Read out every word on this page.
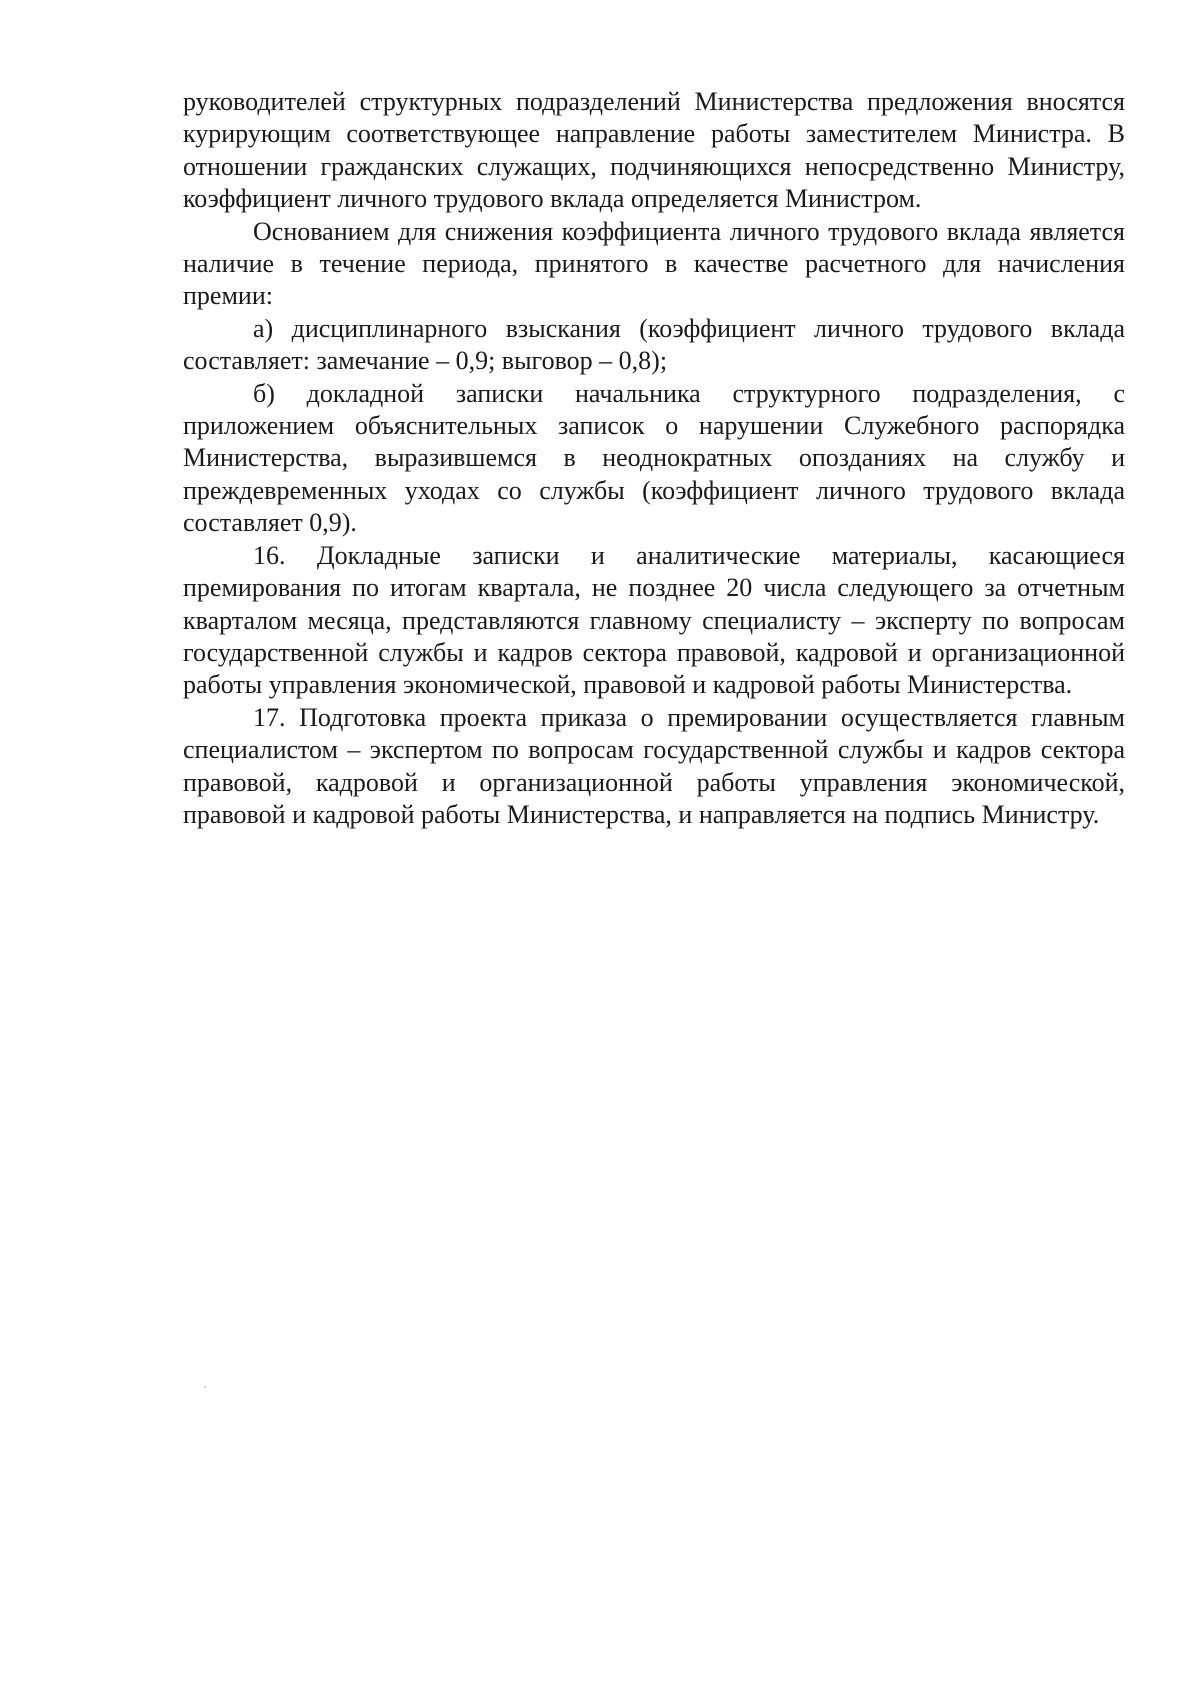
руководителей структурных подразделений Министерства предложения вносятся курирующим соответствующее направление работы заместителем Министра. В отношении гражданских служащих, подчиняющихся непосредственно Министру, коэффициент личного трудового вклада определяется Министром.

Основанием для снижения коэффициента личного трудового вклада является наличие в течение периода, принятого в качестве расчетного для начисления премии:

а) дисциплинарного взыскания (коэффициент личного трудового вклада составляет: замечание – 0,9; выговор – 0,8);

б) докладной записки начальника структурного подразделения, с приложением объяснительных записок о нарушении Служебного распорядка Министерства, выразившемся в неоднократных опозданиях на службу и преждевременных уходах со службы (коэффициент личного трудового вклада составляет 0,9).

16. Докладные записки и аналитические материалы, касающиеся премирования по итогам квартала, не позднее 20 числа следующего за отчетным кварталом месяца, представляются главному специалисту – эксперту по вопросам государственной службы и кадров сектора правовой, кадровой и организационной работы управления экономической, правовой и кадровой работы Министерства.

17. Подготовка проекта приказа о премировании осуществляется главным специалистом – экспертом по вопросам государственной службы и кадров сектора правовой, кадровой и организационной работы управления экономической, правовой и кадровой работы Министерства, и направляется на подпись Министру.
